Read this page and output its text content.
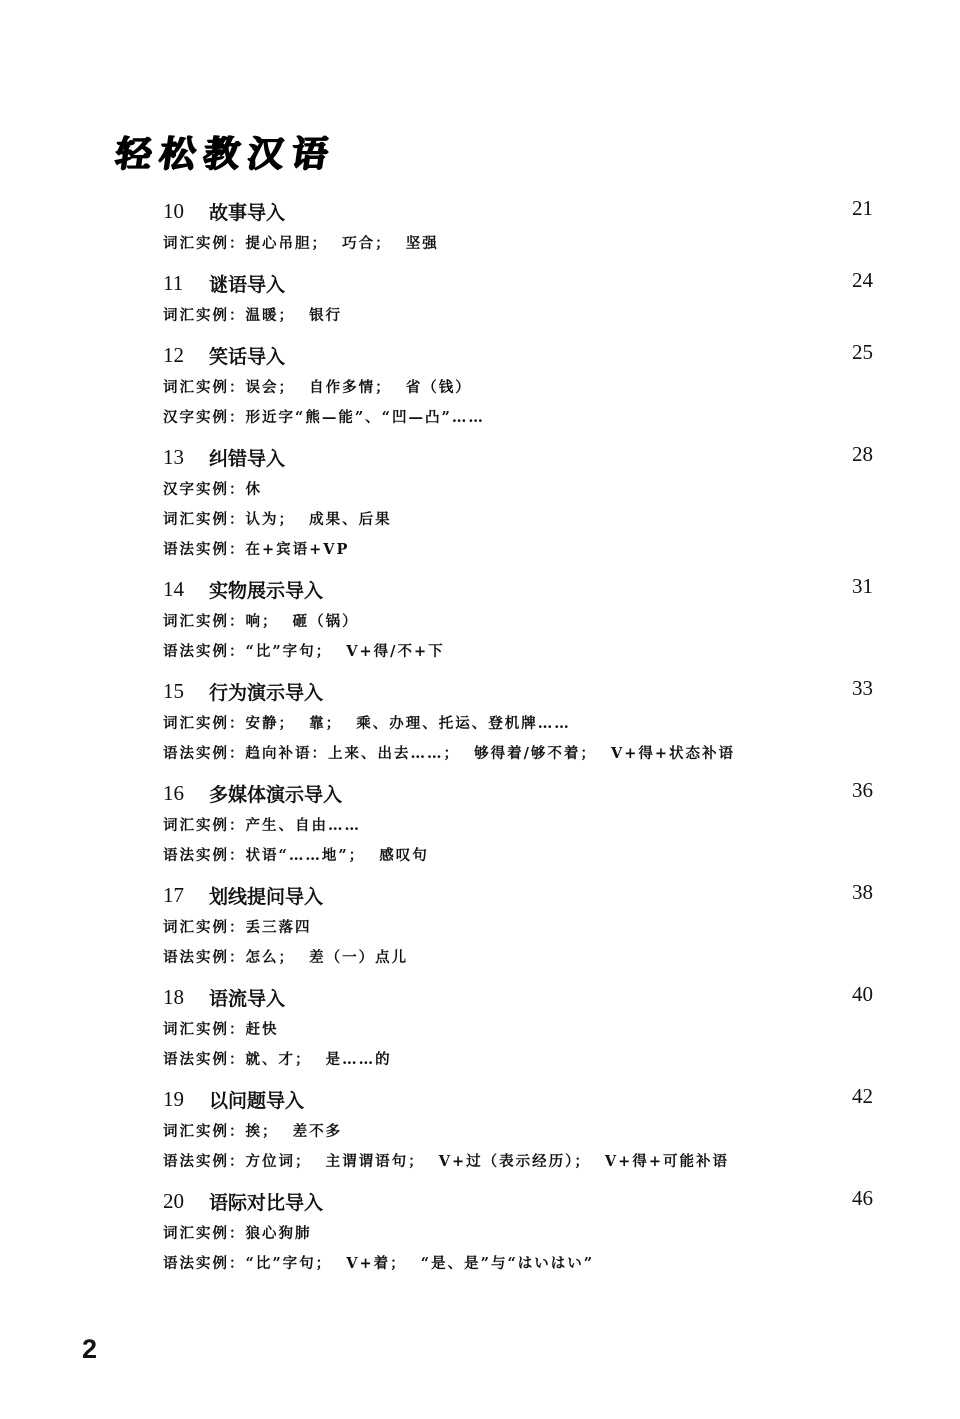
轻松教汉语
10	故事导入	21
词汇实例：提心吊胆；  巧合；  坚强
11	谜语导入	24
词汇实例：温暖；  银行
12	笑话导入	25
词汇实例：误会；  自作多情；  省（钱）
汉字实例：形近字“熊—能”、“凹—凸”……
13	纠错导入	28
汉字实例：休
词汇实例：认为；  成果、后果
语法实例：在+宾语+VP
14	实物展示导入	31
词汇实例：响；  砸（锅）
语法实例：“比”字句；  V+得/不+下
15	行为演示导入	33
词汇实例：安静；  靠；  乘、办理、托运、登机牌……
语法实例：趋向补语：上来、出去……；  够得着/够不着；  V+得+状态补语
16	多媒体演示导入	36
词汇实例：产生、自由……
语法实例：状语“……地”；  感叹句
17	划线提问导入	38
词汇实例：丢三落四
语法实例：怎么；  差（一）点儿
18	语流导入	40
词汇实例：赶快
语法实例：就、才；  是……的
19	以问题导入	42
词汇实例：挨；  差不多
语法实例：方位词；  主谓谓语句；  V+过（表示经历）；  V+得+可能补语
20	语际对比导入	46
词汇实例：狼心狗肺
语法实例：“比”字句；  V+着；  “是、是”与“はいはい”
2
